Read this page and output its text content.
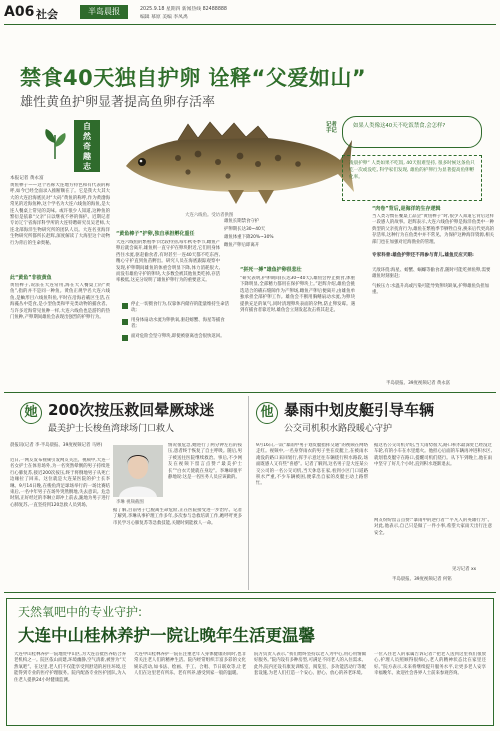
A06 社会	半岛晨报	2025.9.18 星期四 新闻热线 82488888
编辑 慕原 美编 李凤禹
禁食40天独自护卵 诠释“父爱如山”
雄性黄鱼护卵显著提高鱼卵存活率
自
然
奇
趣
志
大连六线鱼。受访者供图
记者手记
如果人类像这40天不吃饭禁食,会怎样?
凌晨护卵“ 人类如果不吃饭, 40天很难坚持, 很多时候这条鱼只吃一次或没吃, 科学家们发现, 雄鱼的护卵行为显著提高鱼卵孵化率。
雄鱼长期禁食守护
护卵期长达30~40天
雄鱼体重下降20%~30%
雌鱼产卵后即离开
本报记者 黄永富
黄鱼棒子——这个名称大连地方特色和有代表的称呼,如今已经全面录入推断顺在了。它是我大大其大大的大连沿海底民对“大码”黄鱼的称呼,作为黄渤海常见的近海鱼种,这个学名为大连六线鱼的海鱼,是大连人餐桌上常见的美味。或许很少人知道,这种鱼的繁衍是依靠“父亲”日以继夜不停的保护。近期记者专访辽宁省海洋科学所的大连特聘研究员吴老师,大连北部海洋生物研究所的团队人员。大连名亚海洋生物研究所都所长赵辉,深度解读了大海里这个动物行为背后的生命奥秘。
此“黄鱼”非彼黄鱼
黄鱼棒子,说法在大连常用,海在大人餐桌上的“黄鱼”,指的并不是同一种鱼。黄鱼正规学名大连六线鱼,是鲉形目六线鱼科鱼,平时在沿海岩礁区生活,在海藻丛中觅食,是小型鱼类和甲壳类动物的捕食者。与许多近海常见鱼种一样,大连六线鱼也是游钓的热门鱼种,产卵期间雄鱼会表现出强烈的护卵行为。
“黄鱼棒子”护卵,独自承担孵化重任
大连六线鱼的繁殖季节比较特别,每年秋冬季节,雌鱼产卵后就会离开,雄鱼则一直守护在卵块附近,它们用身体挡住水流,驱赶偷食者,有时甚至一连40天都不吃东西,精心守护直到鱼苗孵出。研究人员在海底跟踪观察中发现,护卵期间雄鱼的体重会明显下降,体力消耗很大,而没有雄鱼守护的卵块,大多数会被其他鱼类吃掉,存活率极低,这充分说明了雄鱼护卵行为的重要意义。
停止一切摄食行为,仅靠体内储存的能量维持生命活动;
用身体扇动水流为卵供氧,驱赶螃蟹、海星等捕食者;
面对危险会坚守卵块,即使被驱离也会很快返回。
“拼死一搏”雄鱼护卵很悲壮
“研究表明,护卵期间(长达30~40天),雄鱼会停止摄食,体重下降明显,全部精力都用在保护卵块上。”赵辉介绍,雄鱼会挑选适合的礁石缝隙作为产卵场,雌鱼产卵后便离开,由雄鱼单独承担全部护卵工作。雄鱼会不断用胸鳍扇动水流,为卵块提供充足的氧气,同时清理卵块表面的杂物,防止卵发霉。遇到有捕食者靠近时,雄鱼会立刻发起攻击将其赶走。
“肉卷”背后,是海洋的生存逻辑
当人类习惯在餐桌上品尝“黄鱼棒子”时,很少人知道它背后这样一段感人的故事。赵辉表示,大连六线鱼护卵是海洋鱼类中一种典型的父亲抚育行为,雄鱼在繁殖季节牺牲自身,换来后代更高的存活率,这种行为在鱼类中并不常见。为保护这种海洋资源,相关部门也在加强对近海渔业的管理。
专家科普:雄鱼护卵还不再参与育儿,雄鱼反应天眼:
天敌环绕:海星、螃蟹、蜗螺等偷食者,随时可能吃掉鱼卵,需要雄鱼时刻驱赶;
气候压力:水温升高或污染可能导致卵块缺氧,护卵雄鱼负担加重。
半岛晨报、39度视频记者 黄永富
她 200次按压救回晕厥球迷
最美护士长梭鱼湾球场门口救人
晨报讯(记者 李·半岛晨报、39度视频记者 马婷)
近日,一网友发布视频引发网友关注。视频中,大连一名女护士在体育场外,为一名突然晕倒的男子持续进行心肺复苏,接近200次按压,终于将倒地男子从死亡边缘拉了回来。这位就是大连某医院的护士长李琳。9月14日晚,在梭鱼湾足球场举行的一场比赛结束后,一名中年男子在场外突然倒地,失去意识。危急时刻,正好经过的李琳立即冲上前去,跪地为男子进行心肺复苏,一直坚持到120急救人员到场。
李琳 视频截图
情况很危急,她进行了两分钟左右的按压,患者终于恢复了自主呼吸。随后,男子被送往医院继续救治。事后,不少网友在视频下留言点赞:“最美护士长”“白衣天使就在身边”。李琳却很平静地说:这是一名医务人员应该做的。
据了解,目前男子已脱离生命危险,正在医院接受进一步治疗。记者了解到,李琳从事护理工作多年,多次参与急救培训工作,她呼吁更多市民学习心肺复苏等急救技能,关键时刻能救人一命。
他 暴雨中划皮艇引导车辆
公交司机积水路段暖心守护
9月16日,一段“暴雨中男子划皮艇指挥交通”的视频在网络走红。视频中,一名身穿雨衣的男子坐在皮艇上,在被雨水淹没的路口来回划行,挥手示意过往车辆绕行积水路段,场面既感人又有些“喜感”。记者了解到,这名男子是大连某公交公司的一名公交司机,当天休息在家,看到小区门口道路积水严重,不少车辆被困,便拿出自家的皮艇主动上路帮忙。
据这名公交司机介绍,当天雨势很大,路口积水最深处已经没过车轮,有的小车在水里熄火。他担心后面的车辆再冲进积水区,就划着皮艇守在路口,提醒司机们绕行。从下午到晚上,他在雨中坚守了好几个小时,直到积水逐渐退去。
网友纷纷留言点赞:“暴雨中的逆行者”“平凡人的英雄行为”。对此,他表示,自己只是做了一件小事,希望大家雨天出行注意安全。
见习记者 xx
半岛晨报、39度视频记者 何铭
天然氧吧中的专业守护:
大连中山桂林养护一院让晚年生活更温馨
大连中山桂林养护一院地处中山区,为大连首批医养结合养老机构之一。院区依山而建,环境幽静,空气清新,被誉为“天然氧吧”。在这里,老人们不仅能享受到舒适的居住环境,还能得到专业的医疗护理服务。院内配备专业医护团队,为入住老人提供24小时健康监测。
大连中山桂林养护一院在注重老年人身体健康的同时,也非常关注老人们的精神生活。院内经常组织丰富多彩的文化娱乐活动,如书法、绘画、手工、合唱、节日联欢等,让老人们在这里老有所乐、老有所养,感受到家一般的温暖。
院方负责人表示,“我们始终坚持以老人为中心,用心用情做好服务。”院内设有多种房型,可满足不同老人的入住需求。此外,院内还设有康复训练室、阅览室、多功能活动厅等配套设施,为老人们打造一个安心、舒心、放心的养老环境。
一位入住老人的家属告诉记者:“把老人送到这里我们很放心,护理人员照顾得很细心,老人的精神状态比在家里还好。”院方表示,未来将继续提升服务水平,让更多老人安享幸福晚年。欢迎社会各界人士前来参观咨询。
